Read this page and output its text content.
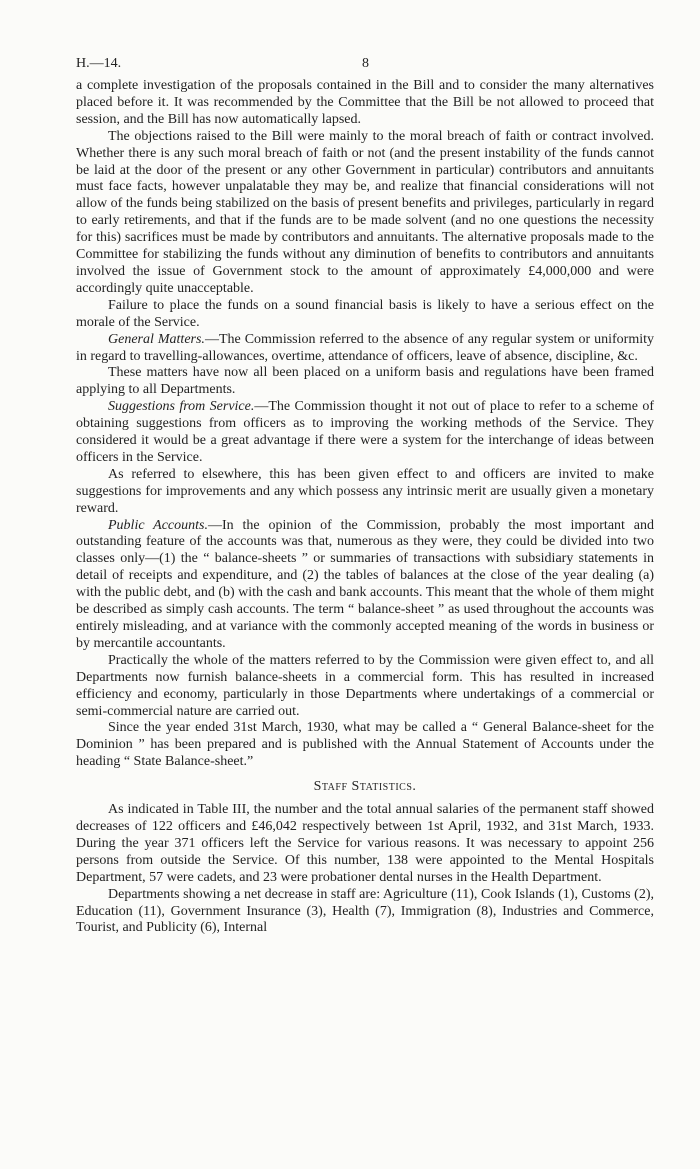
H.—14.	8

a complete investigation of the proposals contained in the Bill and to consider the many alternatives placed before it. It was recommended by the Committee that the Bill be not allowed to proceed that session, and the Bill has now automatically lapsed.

The objections raised to the Bill were mainly to the moral breach of faith or contract involved. Whether there is any such moral breach of faith or not (and the present instability of the funds cannot be laid at the door of the present or any other Government in particular) contributors and annuitants must face facts, however unpalatable they may be, and realize that financial considerations will not allow of the funds being stabilized on the basis of present benefits and privileges, particularly in regard to early retirements, and that if the funds are to be made solvent (and no one questions the necessity for this) sacrifices must be made by contributors and annuitants. The alternative proposals made to the Committee for stabilizing the funds without any diminution of benefits to contributors and annuitants involved the issue of Government stock to the amount of approximately £4,000,000 and were accordingly quite unacceptable.

Failure to place the funds on a sound financial basis is likely to have a serious effect on the morale of the Service.

General Matters.—The Commission referred to the absence of any regular system or uniformity in regard to travelling-allowances, overtime, attendance of officers, leave of absence, discipline, &c.

These matters have now all been placed on a uniform basis and regulations have been framed applying to all Departments.

Suggestions from Service.—The Commission thought it not out of place to refer to a scheme of obtaining suggestions from officers as to improving the working methods of the Service. They considered it would be a great advantage if there were a system for the interchange of ideas between officers in the Service.

As referred to elsewhere, this has been given effect to and officers are invited to make suggestions for improvements and any which possess any intrinsic merit are usually given a monetary reward.

Public Accounts.—In the opinion of the Commission, probably the most important and outstanding feature of the accounts was that, numerous as they were, they could be divided into two classes only—(1) the “ balance-sheets ” or summaries of transactions with subsidiary statements in detail of receipts and expenditure, and (2) the tables of balances at the close of the year dealing (a) with the public debt, and (b) with the cash and bank accounts. This meant that the whole of them might be described as simply cash accounts. The term “ balance-sheet ” as used throughout the accounts was entirely misleading, and at variance with the commonly accepted meaning of the words in business or by mercantile accountants.

Practically the whole of the matters referred to by the Commission were given effect to, and all Departments now furnish balance-sheets in a commercial form. This has resulted in increased efficiency and economy, particularly in those Departments where undertakings of a commercial or semi-commercial nature are carried out.

Since the year ended 31st March, 1930, what may be called a “ General Balance-sheet for the Dominion ” has been prepared and is published with the Annual Statement of Accounts under the heading “ State Balance-sheet.”

Staff Statistics.

As indicated in Table III, the number and the total annual salaries of the permanent staff showed decreases of 122 officers and £46,042 respectively between 1st April, 1932, and 31st March, 1933. During the year 371 officers left the Service for various reasons. It was necessary to appoint 256 persons from outside the Service. Of this number, 138 were appointed to the Mental Hospitals Department, 57 were cadets, and 23 were probationer dental nurses in the Health Department.

Departments showing a net decrease in staff are: Agriculture (11), Cook Islands (1), Customs (2), Education (11), Government Insurance (3), Health (7), Immigration (8), Industries and Commerce, Tourist, and Publicity (6), Internal
